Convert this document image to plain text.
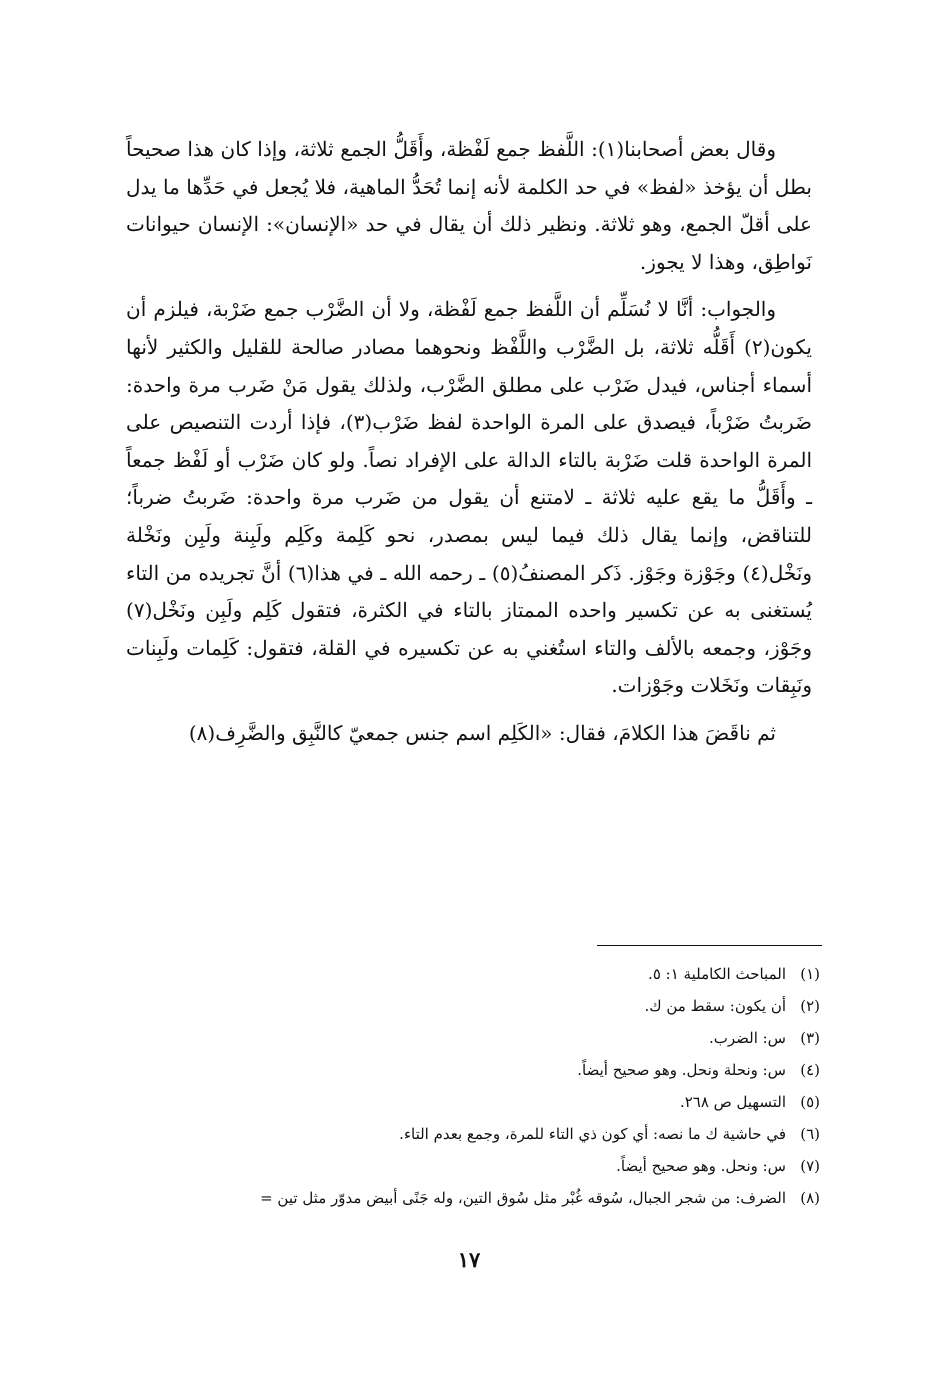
وقال بعض أصحابنا(١): اللَّفظ جمع لَفْظة، وأَقَلُّ الجمع ثلاثة، وإذا كان هذا صحيحاً بطل أن يؤخذ «لفظ» في حد الكلمة لأنه إنما تُحَدُّ الماهية، فلا يُجعل في حَدِّها ما يدل على أقلّ الجمع، وهو ثلاثة. ونظير ذلك أن يقال في حد «الإنسان»: الإنسان حيوانات نَواطِق، وهذا لا يجوز.

والجواب: أنَّا لا نُسَلِّم أن اللَّفظ جمع لَفْظة، ولا أن الضَّرْب جمع ضَرْبة، فيلزم أن يكون(٢) أَقَلُّه ثلاثة، بل الضَّرْب واللَّفْظ ونحوهما مصادر صالحة للقليل والكثير لأنها أسماء أجناس، فيدل ضَرْب على مطلق الضَّرْب، ولذلك يقول مَنْ ضَرب مرة واحدة: ضَربتُ ضَرْباً، فيصدق على المرة الواحدة لفظ ضَرْب(٣)، فإذا أردت التنصيص على المرة الواحدة قلت ضَرْبة بالتاء الدالة على الإفراد نصاً. ولو كان ضَرْب أو لَفْظ جمعاً ـ وأَقَلُّ ما يقع عليه ثلاثة ـ لامتنع أن يقول من ضَرب مرة واحدة: ضَربتُ ضرباً؛ للتناقض، وإنما يقال ذلك فيما ليس بمصدر، نحو كَلِمة وكَلِم ولَبِنة ولَبِن ونَخْلة ونَخْل(٤) وجَوْزة وجَوْز. ذَكر المصنفُ(٥) ـ رحمه الله ـ في هذا(٦) أنَّ تجريده من التاء يُستغنى به عن تكسير واحده الممتاز بالتاء في الكثرة، فتقول كَلِم ولَبِن ونَخْل(٧) وجَوْز، وجمعه بالألف والتاء استُغني به عن تكسيره في القلة، فتقول: كَلِمات ولَبِنات ونَبِقات ونَخَلات وجَوْزات.

ثم ناقَضَ هذا الكلامَ، فقال: «الكَلِم اسم جنس جمعيّ كالنَّبِق والضَّرِف(٨)

(١)المباحث الكاملية ١: ٥.
(٢)أن يكون: سقط من ك.
(٣)س: الضرب.
(٤)س: ونحلة ونحل. وهو صحيح أيضاً.
(٥)التسهيل ص ٢٦٨.
(٦)في حاشية ك ما نصه: أي كون ذي التاء للمرة، وجمع بعدم التاء.
(٧)س: ونحل. وهو صحيح أيضاً.
(٨)الضرف: من شجر الجبال، سُوقه غُبْر مثل سُوق التين، وله جَنًى أبيض مدوّر مثل تين =
١٧
